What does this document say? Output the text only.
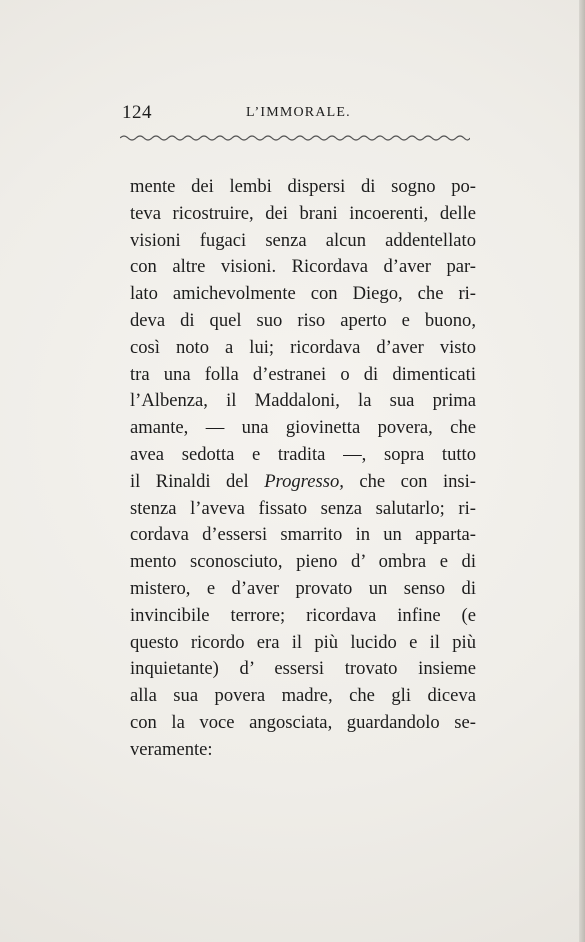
124	L’IMMORALE.
mente dei lembi dispersi di sogno po-
teva ricostruire, dei brani incoerenti, delle
visioni fugaci senza alcun addentellato
con altre visioni. Ricordava d’aver par-
lato amichevolmente con Diego, che ri-
deva di quel suo riso aperto e buono,
così noto a lui; ricordava d’aver visto
tra una folla d’estranei o di dimenticati
l’Albenza, il Maddaloni, la sua prima
amante, — una giovinetta povera, che
avea sedotta e tradita —, sopra tutto
il Rinaldi del Progresso, che con insi-
stenza l’aveva fissato senza salutarlo; ri-
cordava d’essersi smarrito in un apparta-
mento sconosciuto, pieno d’ ombra e di
mistero, e d’aver provato un senso di
invincibile terrore; ricordava infine (e
questo ricordo era il più lucido e il più
inquietante) d’ essersi trovato insieme
alla sua povera madre, che gli diceva
con la voce angosciata, guardandolo se-
veramente:
